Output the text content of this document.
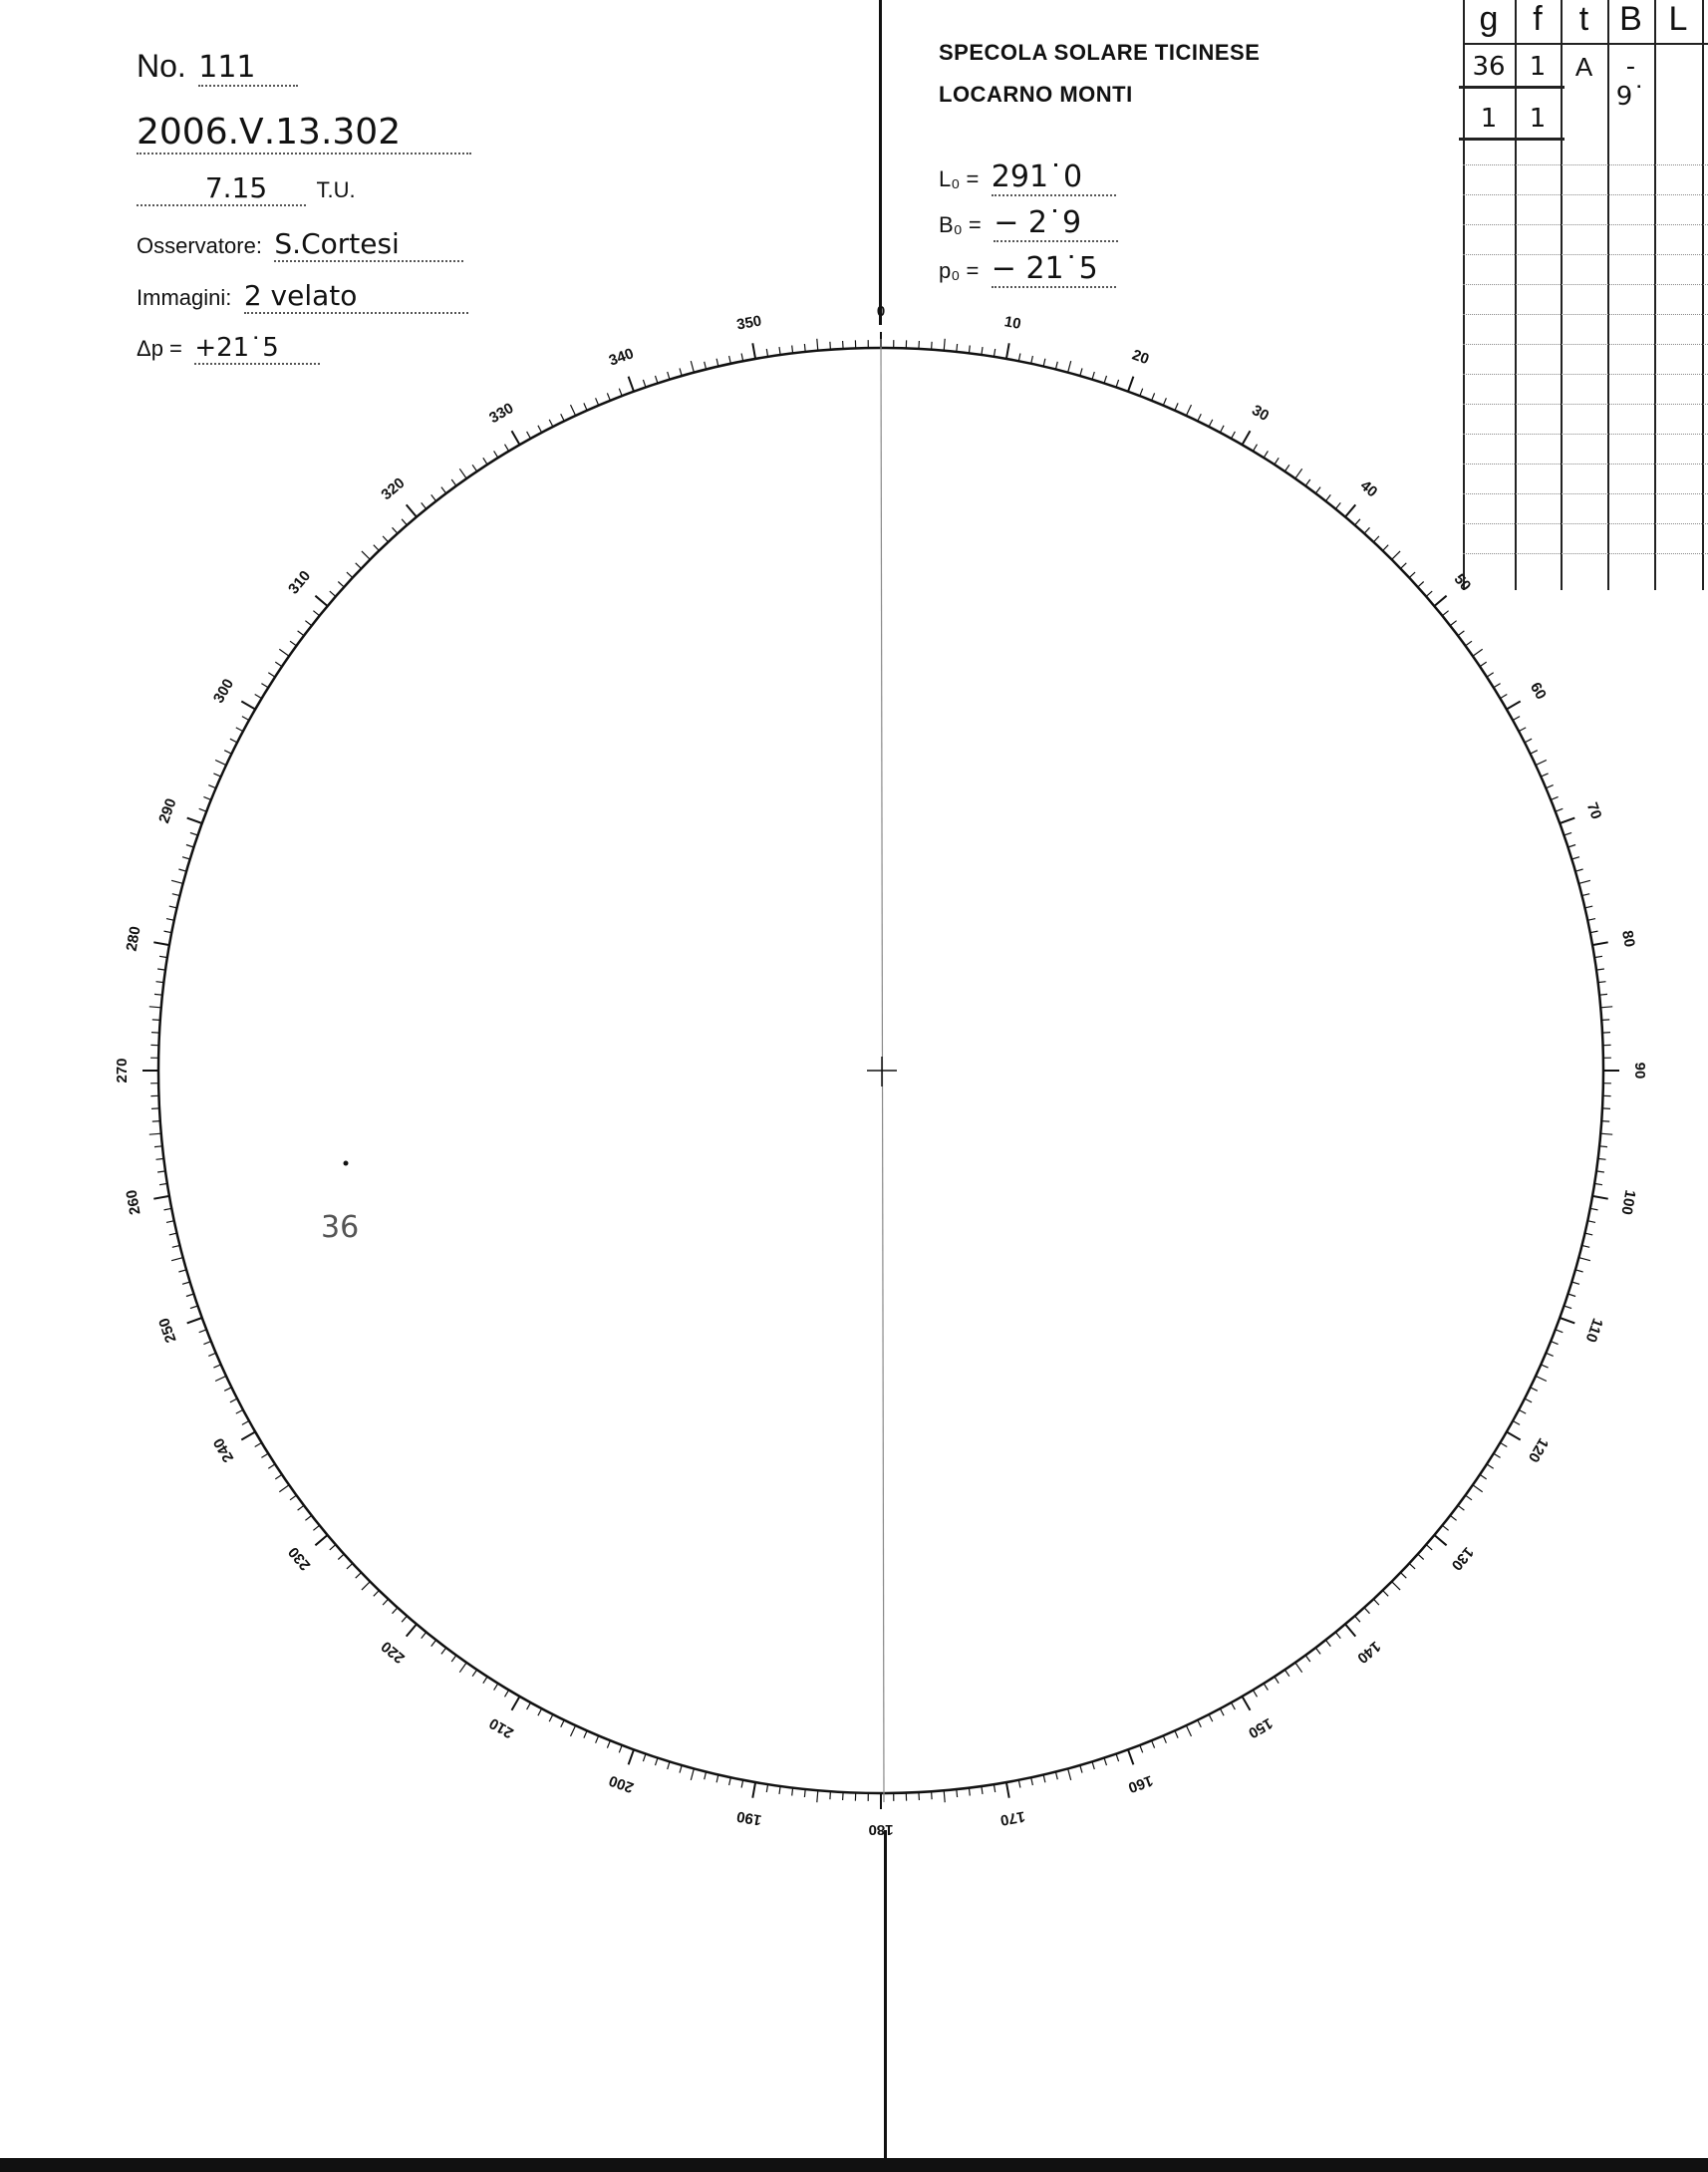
No. 111
2006.Ⅴ.13.302
7.15 T.U.
Osservatore: S.Cortesi
Immagini: 2 velato
Δp = +21˙5
SPECOLA SOLARE TICINESE
LOCARNO MONTI
L₀ = 291˙0
B₀ = − 2˙9
p₀ = − 21˙5
g	f	t B L
36 1	A	- 9˙
1	1
0
10
20
30
40
50
60
70
80
90
100
110
120
130
140
150
160
170
180
190
200
210
220
230
240
250
260
270
280
290
300
310
320
330
340
350
36
